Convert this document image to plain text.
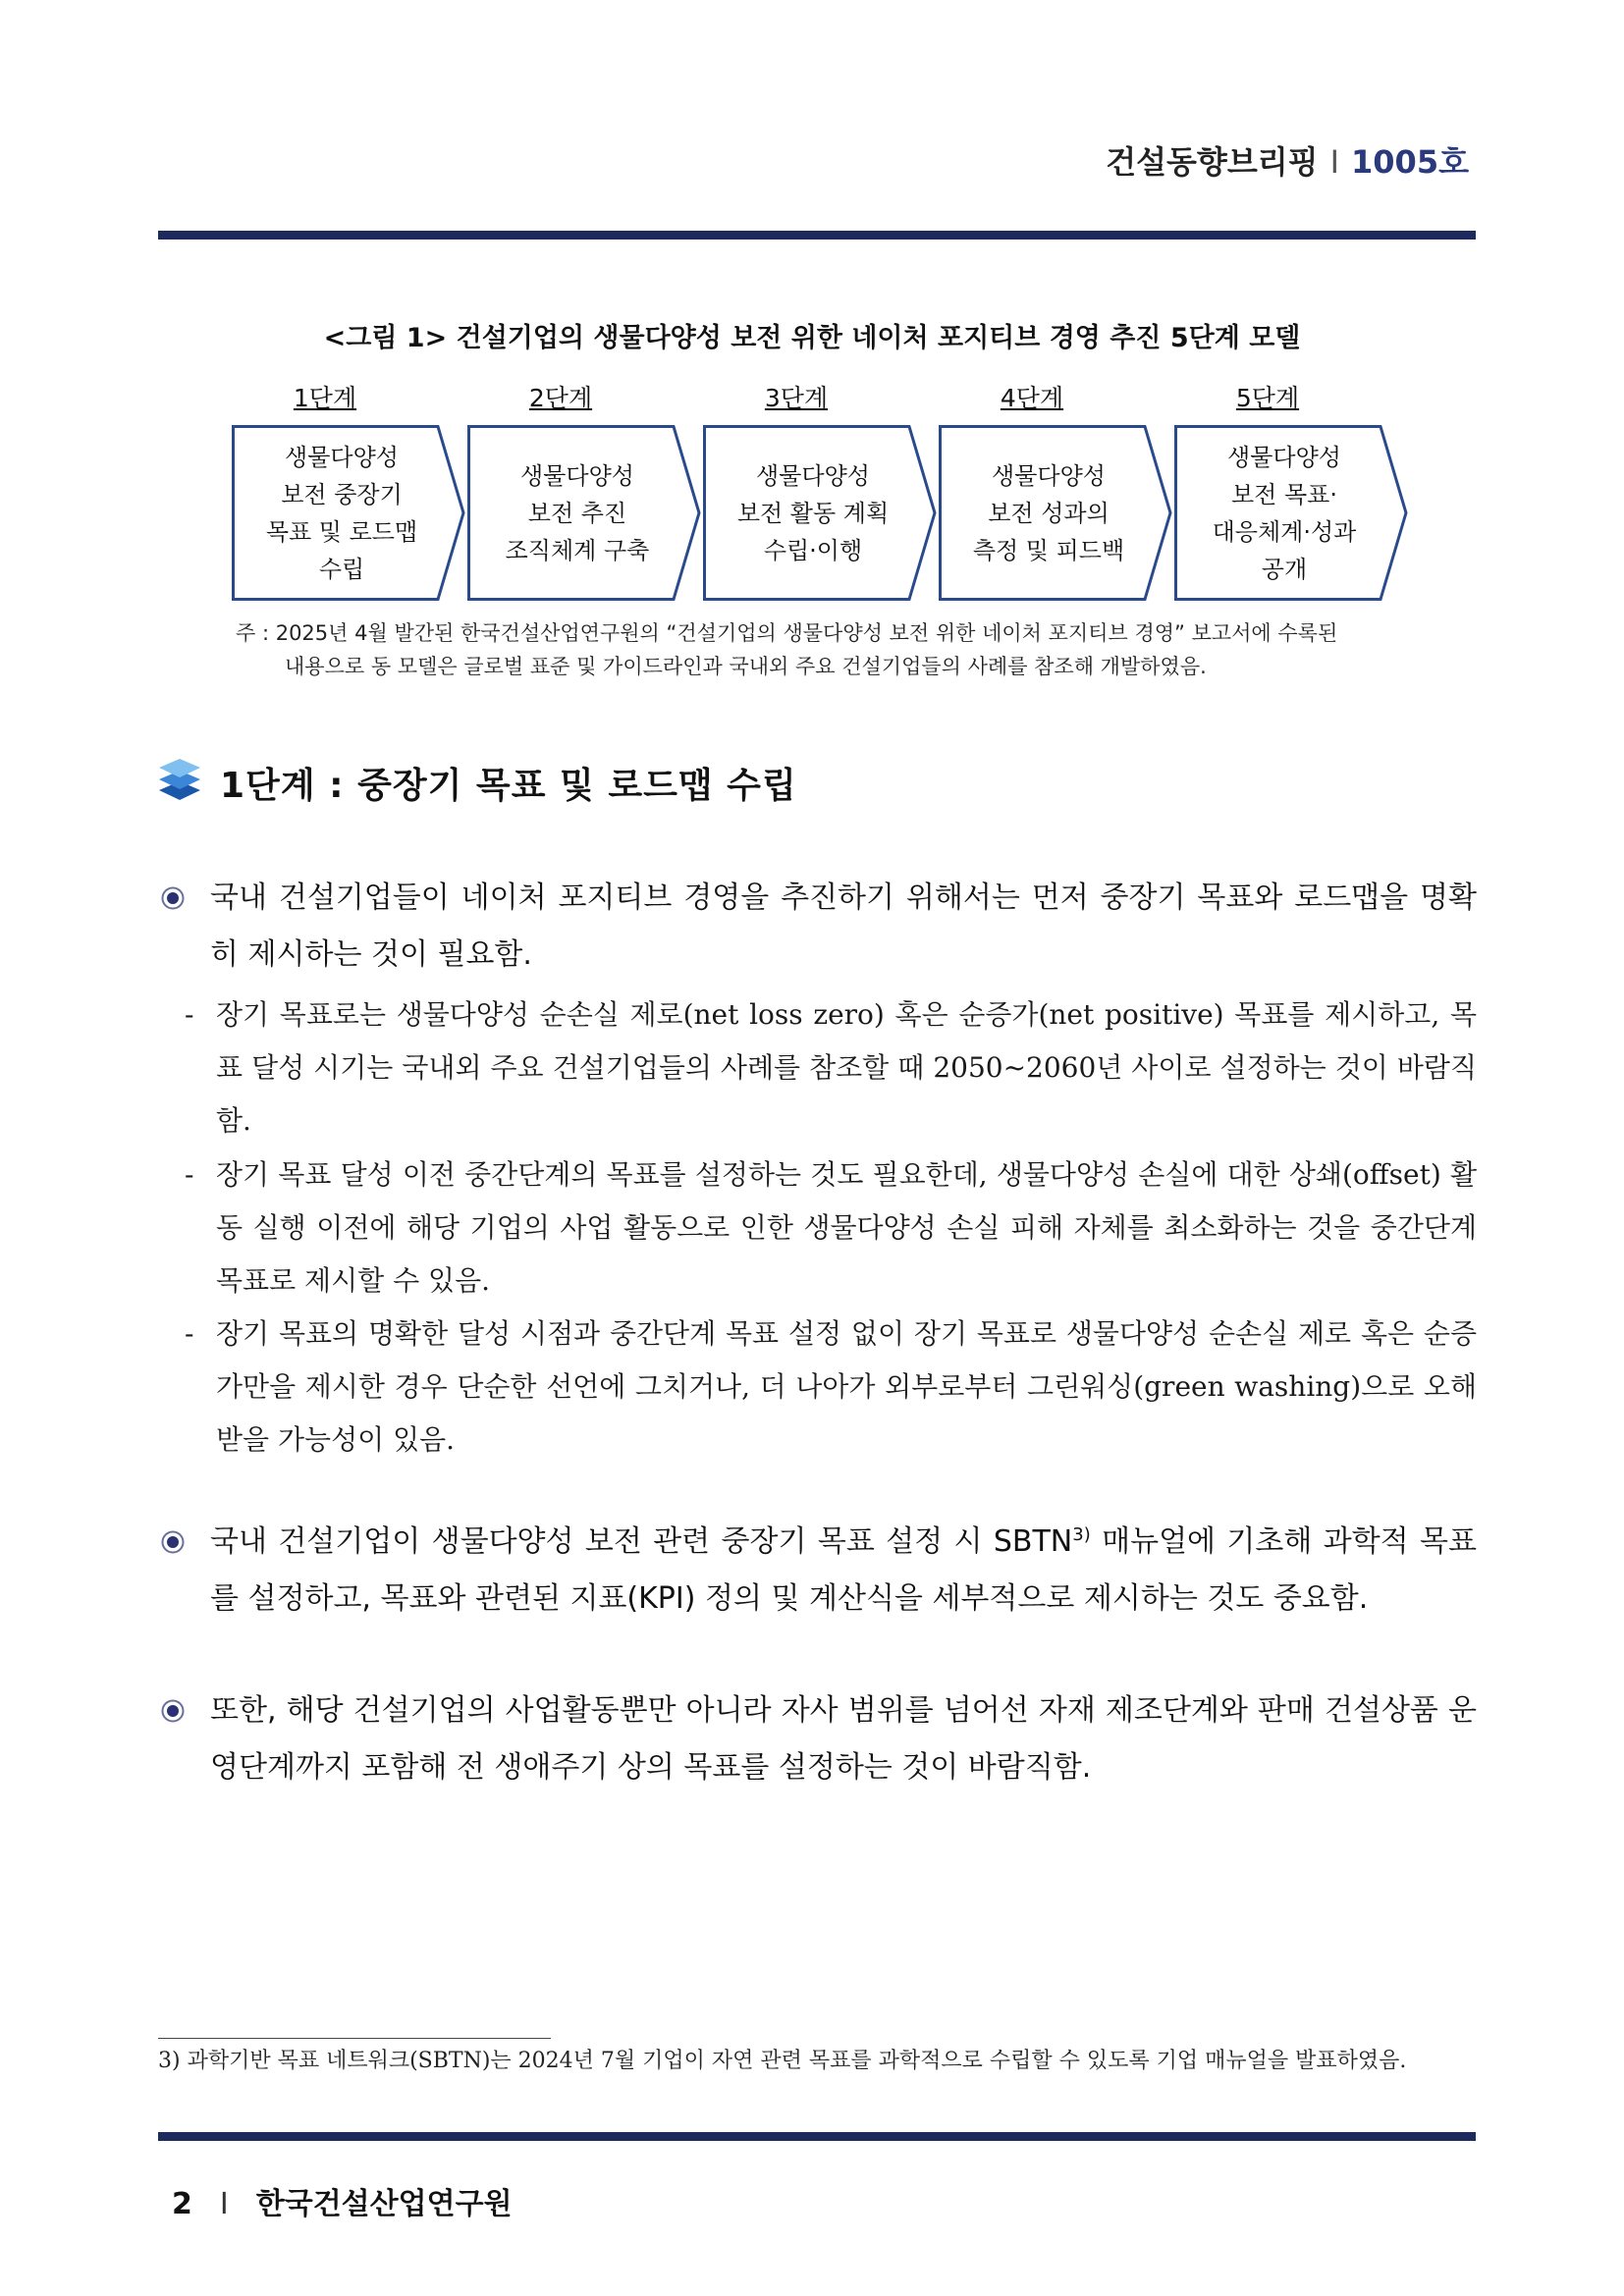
건설동향브리핑 I 1005호
<그림 1> 건설기업의 생물다양성 보전 위한 네이처 포지티브 경영 추진 5단계 모델
1단계	2단계	3단계	4단계	5단계
생물다양성
보전 중장기
목표 및 로드맵
수립
생물다양성
보전 추진
조직체계 구축
생물다양성
보전 활동 계획
수립·이행
생물다양성
보전 성과의
측정 및 피드백
생물다양성
보전 목표·
대응체계·성과
공개
주 : 2025년 4월 발간된 한국건설산업연구원의 “건설기업의 생물다양성 보전 위한 네이처 포지티브 경영” 보고서에 수록된
내용으로 동 모델은 글로벌 표준 및 가이드라인과 국내외 주요 건설기업들의 사례를 참조해 개발하였음.
1단계 : 중장기 목표 및 로드맵 수립
국내 건설기업들이 네이처 포지티브 경영을 추진하기 위해서는 먼저 중장기 목표와 로드맵을 명확히 제시하는 것이 필요함.
- 장기 목표로는 생물다양성 순손실 제로(net loss zero) 혹은 순증가(net positive) 목표를 제시하고, 목표 달성 시기는 국내외 주요 건설기업들의 사례를 참조할 때 2050~2060년 사이로 설정하는 것이 바람직함.
- 장기 목표 달성 이전 중간단계의 목표를 설정하는 것도 필요한데, 생물다양성 손실에 대한 상쇄(offset) 활동 실행 이전에 해당 기업의 사업 활동으로 인한 생물다양성 손실 피해 자체를 최소화하는 것을 중간단계 목표로 제시할 수 있음.
- 장기 목표의 명확한 달성 시점과 중간단계 목표 설정 없이 장기 목표로 생물다양성 순손실 제로 혹은 순증가만을 제시한 경우 단순한 선언에 그치거나, 더 나아가 외부로부터 그린워싱(green washing)으로 오해받을 가능성이 있음.
국내 건설기업이 생물다양성 보전 관련 중장기 목표 설정 시 SBTN$^{3)}$ 매뉴얼에 기초해 과학적 목표를 설정하고, 목표와 관련된 지표(KPI) 정의 및 계산식을 세부적으로 제시하는 것도 중요함.
또한, 해당 건설기업의 사업활동뿐만 아니라 자사 범위를 넘어선 자재 제조단계와 판매 건설상품 운영단계까지 포함해 전 생애주기 상의 목표를 설정하는 것이 바람직함.
3) 과학기반 목표 네트워크(SBTN)는 2024년 7월 기업이 자연 관련 목표를 과학적으로 수립할 수 있도록 기업 매뉴얼을 발표하였음.
2 I 한국건설산업연구원
